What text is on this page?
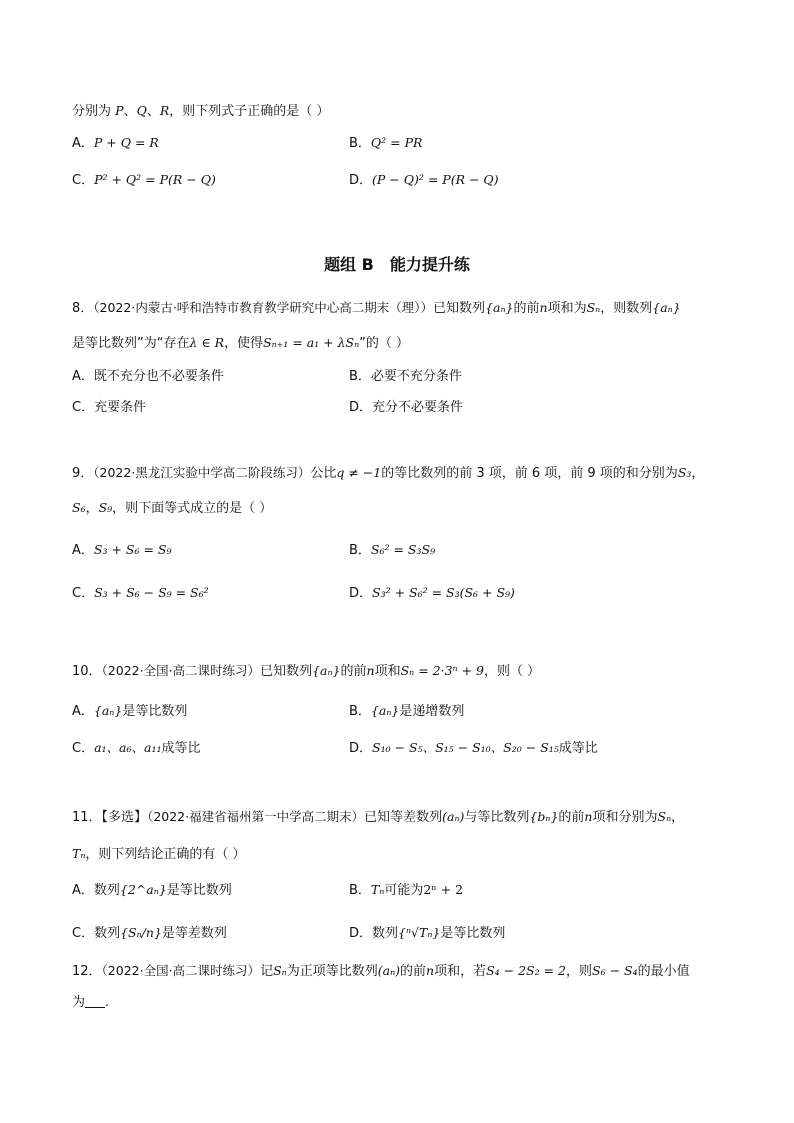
分别为 P、Q、R，则下列式子正确的是（ ）
A．P + Q = R	B．Q² = PR
C．P² + Q² = P(R − Q)	D．(P − Q)² = P(R − Q)
题组 B　能力提升练
8．（2022·内蒙古·呼和浩特市教育教学研究中心高二期末（理））已知数列{aₙ}的前n项和为Sₙ，则数列{aₙ}
是等比数列”为“存在λ ∈ R，使得Sₙ₊₁ = a₁ + λSₙ”的（ ）
A．既不充分也不必要条件	B．必要不充分条件
C．充要条件	D．充分不必要条件
9．（2022·黑龙江实验中学高二阶段练习）公比q ≠ −1的等比数列的前 3 项，前 6 项，前 9 项的和分别为S₃，
S₆，S₉，则下面等式成立的是（ ）
A．S₃ + S₆ = S₉	B．S₆² = S₃S₉
C．S₃ + S₆ − S₉ = S₆²	D．S₃² + S₆² = S₃(S₆ + S₉)
10．（2022·全国·高二课时练习）已知数列{aₙ}的前n项和Sₙ = 2·3ⁿ + 9，则（ ）
A．{aₙ}是等比数列	B．{aₙ}是递增数列
C．a₁、a₆、a₁₁成等比	D．S₁₀ − S₅、S₁₅ − S₁₀、S₂₀ − S₁₅成等比
11．【多选】（2022·福建省福州第一中学高二期末）已知等差数列(aₙ)与等比数列{bₙ}的前n项和分别为Sₙ，
Tₙ，则下列结论正确的有（ ）
A．数列{2^aₙ}是等比数列	B．Tₙ可能为2ⁿ + 2
C．数列{Sₙ/n}是等差数列	D．数列{ⁿ√Tₙ}是等比数列
12．（2022·全国·高二课时练习）记Sₙ为正项等比数列(aₙ)的前n项和，若S₄ − 2S₂ = 2，则S₆ − S₄的最小值
为 .
